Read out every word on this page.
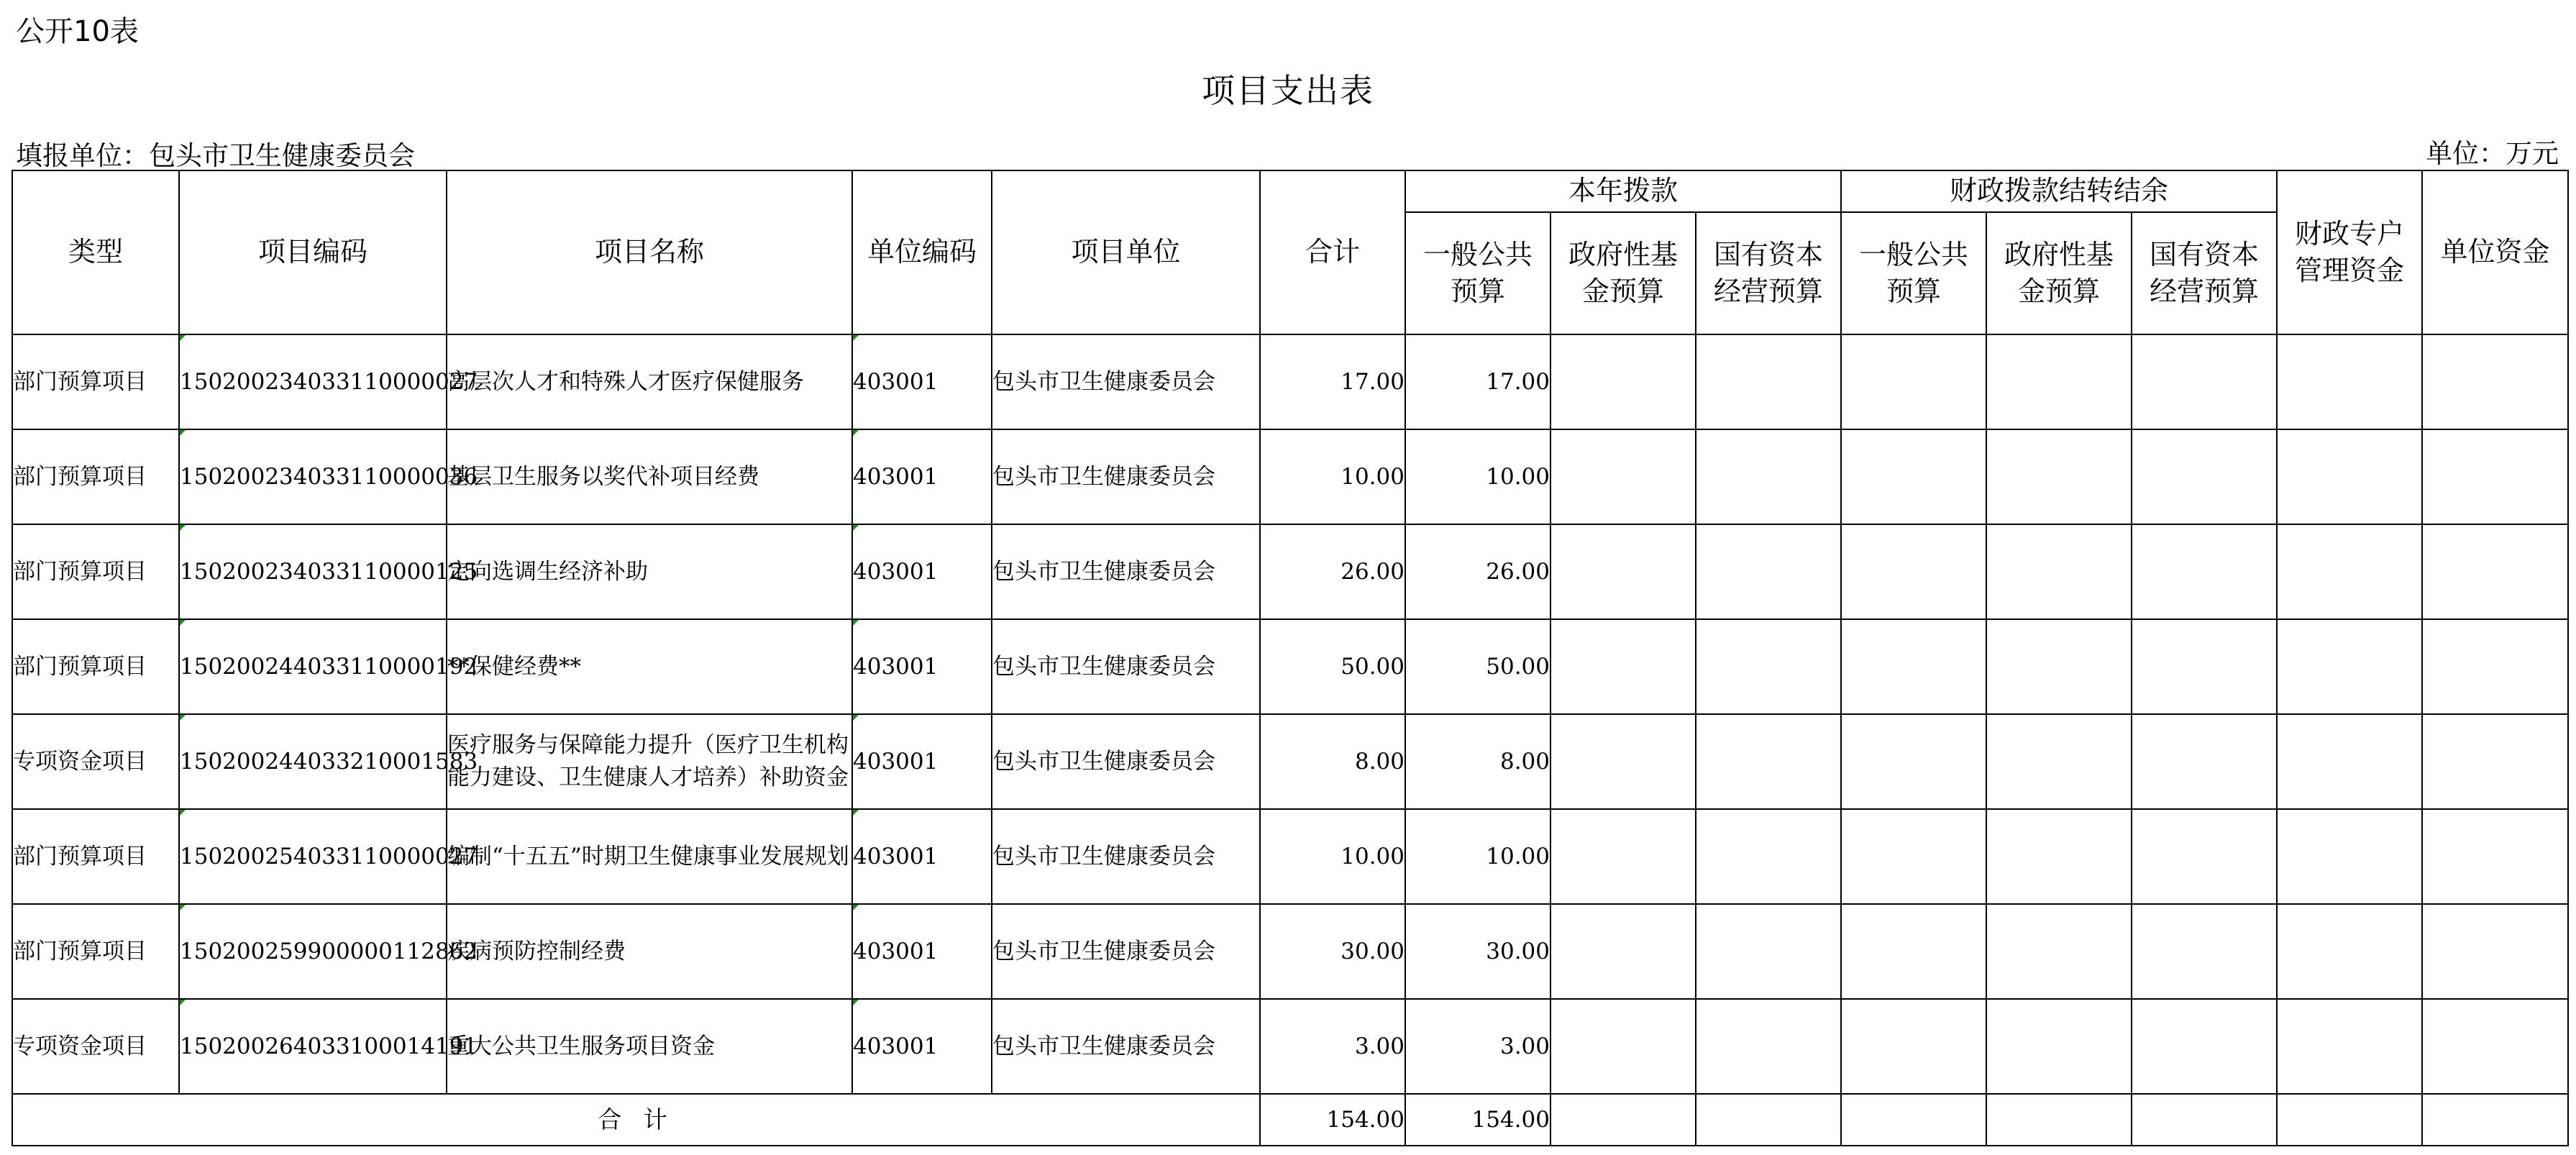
公开10表
项目支出表
填报单位：包头市卫生健康委员会	单位：万元
类型	项目编码	项目名称	单位编码	项目单位	合计	本年拨款			财政拨款结转结余			财政专户管理资金	单位资金
						一般公共预算	政府性基金预算	国有资本经营预算	一般公共预算	政府性基金预算	国有资本经营预算		
部门预算项目	150200234033110000027	高层次人才和特殊人才医疗保健服务	403001	包头市卫生健康委员会	17.00	17.00							
部门预算项目	150200234033110000036	基层卫生服务以奖代补项目经费	403001	包头市卫生健康委员会	10.00	10.00							
部门预算项目	150200234033110000125	定向选调生经济补助	403001	包头市卫生健康委员会	26.00	26.00							
部门预算项目	150200244033110000192	**保健经费**	403001	包头市卫生健康委员会	50.00	50.00							
专项资金项目	150200244033210001583	医疗服务与保障能力提升（医疗卫生机构能力建设、卫生健康人才培养）补助资金	403001	包头市卫生健康委员会	8.00	8.00							
部门预算项目	150200254033110000027	编制“十五五”时期卫生健康事业发展规划	403001	包头市卫生健康委员会	10.00	10.00							
部门预算项目	150200259900000112862	疾病预防控制经费	403001	包头市卫生健康委员会	30.00	30.00							
专项资金项目	150200264033100014191	重大公共卫生服务项目资金	403001	包头市卫生健康委员会	3.00	3.00							
合 计					154.00	154.00							
